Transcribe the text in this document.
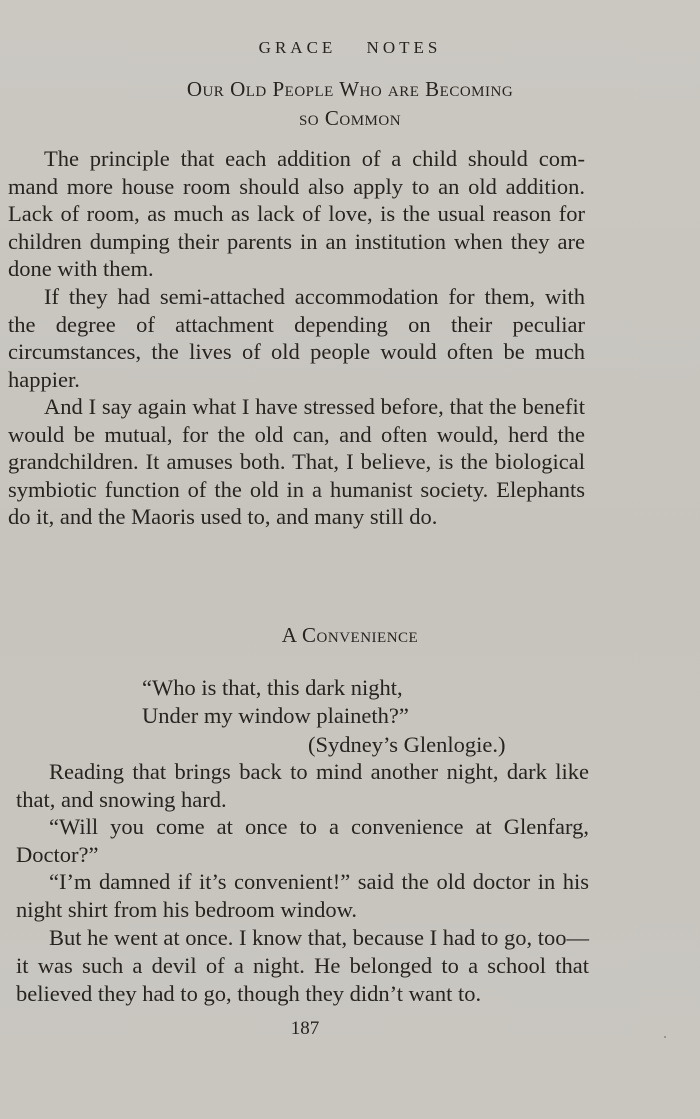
GRACE NOTES
Our Old People Who are Becoming
so Common

The principle that each addition of a child should com-mand more house room should also apply to an old addition. Lack of room, as much as lack of love, is the usual reason for children dumping their parents in an institution when they are done with them.

If they had semi-attached accommodation for them, with the degree of attachment depending on their peculiar circumstances, the lives of old people would often be much happier.

And I say again what I have stressed before, that the benefit would be mutual, for the old can, and often would, herd the grandchildren. It amuses both. That, I believe, is the biological symbiotic function of the old in a humanist society. Elephants do it, and the Maoris used to, and many still do.

A Convenience

“Who is that, this dark night,

Under my window plaineth?”

(Sydney’s Glenlogie.)

Reading that brings back to mind another night, dark like that, and snowing hard.

“Will you come at once to a convenience at Glenfarg, Doctor?”

“I’m damned if it’s convenient!” said the old doctor in his night shirt from his bedroom window.

But he went at once. I know that, because I had to go, too—it was such a devil of a night. He belonged to a school that believed they had to go, though they didn’t want to.

187
